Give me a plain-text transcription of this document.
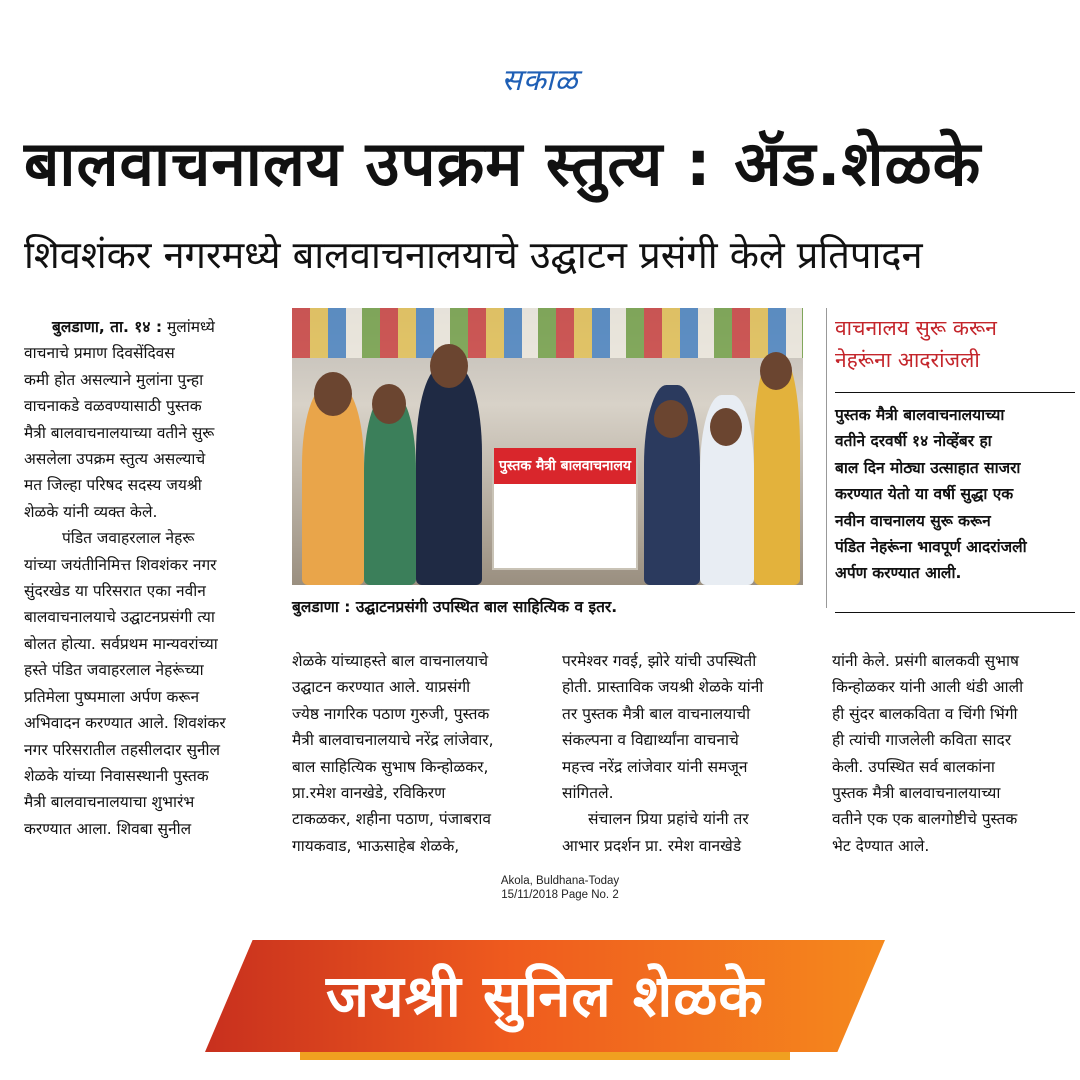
सकाळ
बालवाचनालय उपक्रम स्तुत्य : ॲड.शेळके
शिवशंकर नगरमध्ये बालवाचनालयाचे उद्घाटन प्रसंगी केले प्रतिपादन
बुलडाणा, ता. १४ : मुलांमध्ये
वाचनाचे प्रमाण दिवसेंदिवस
कमी होत असल्याने मुलांना पुन्हा
वाचनाकडे वळवण्यासाठी पुस्तक
मैत्री बालवाचनालयाच्या वतीने सुरू
असलेला उपक्रम स्तुत्य असल्याचे
मत जिल्हा परिषद सदस्य जयश्री
शेळके यांनी व्यक्त केले.
पंडित जवाहरलाल नेहरू
यांच्या जयंतीनिमित्त शिवशंकर नगर
सुंदरखेड या परिसरात एका नवीन
बालवाचनालयाचे उद्घाटनप्रसंगी त्या
बोलत होत्या. सर्वप्रथम मान्यवरांच्या
हस्ते पंडित जवाहरलाल नेहरूंच्या
प्रतिमेला पुष्पमाला अर्पण करून
अभिवादन करण्यात आले. शिवशंकर
नगर परिसरातील तहसीलदार सुनील
शेळके यांच्या निवासस्थानी पुस्तक
मैत्री बालवाचनालयाचा शुभारंभ
करण्यात आला. शिवबा सुनील
पुस्तक मैत्री बालवाचनालय
बुलडाणा : उद्घाटनप्रसंगी उपस्थित बाल साहित्यिक व इतर.
शेळके यांच्याहस्ते बाल वाचनालयाचे
उद्घाटन करण्यात आले. याप्रसंगी
ज्येष्ठ नागरिक पठाण गुरुजी, पुस्तक
मैत्री बालवाचनालयाचे नरेंद्र लांजेवार,
बाल साहित्यिक सुभाष किन्होळकर,
प्रा.रमेश वानखेडे, रविकिरण
टाकळकर, शहीना पठाण, पंजाबराव
गायकवाड, भाऊसाहेब शेळके,
परमेश्वर गवई, झोरे यांची उपस्थिती
होती. प्रास्ताविक जयश्री शेळके यांनी
तर पुस्तक मैत्री बाल वाचनालयाची
संकल्पना व विद्यार्थ्यांना वाचनाचे
महत्त्व नरेंद्र लांजेवार यांनी समजून
सांगितले.
संचालन प्रिया प्रहांचे यांनी तर
आभार प्रदर्शन प्रा. रमेश वानखेडे
वाचनालय सुरू करून
नेहरूंना आदरांजली
पुस्तक मैत्री बालवाचनालयाच्या
वतीने दरवर्षी १४ नोव्हेंबर हा
बाल दिन मोठ्या उत्साहात साजरा
करण्यात येतो या वर्षी सुद्धा एक
नवीन वाचनालय सुरू करून
पंडित नेहरूंना भावपूर्ण आदरांजली
अर्पण करण्यात आली.
यांनी केले. प्रसंगी बालकवी सुभाष
किन्होळकर यांनी आली थंडी आली
ही सुंदर बालकविता व चिंगी भिंगी
ही त्यांची गाजलेली कविता सादर
केली. उपस्थित सर्व बालकांना
पुस्तक मैत्री बालवाचनालयाच्या
वतीने एक एक बालगोष्टीचे पुस्तक
भेट देण्यात आले.
Akola, Buldhana-Today
15/11/2018 Page No. 2
जयश्री सुनिल शेळके
